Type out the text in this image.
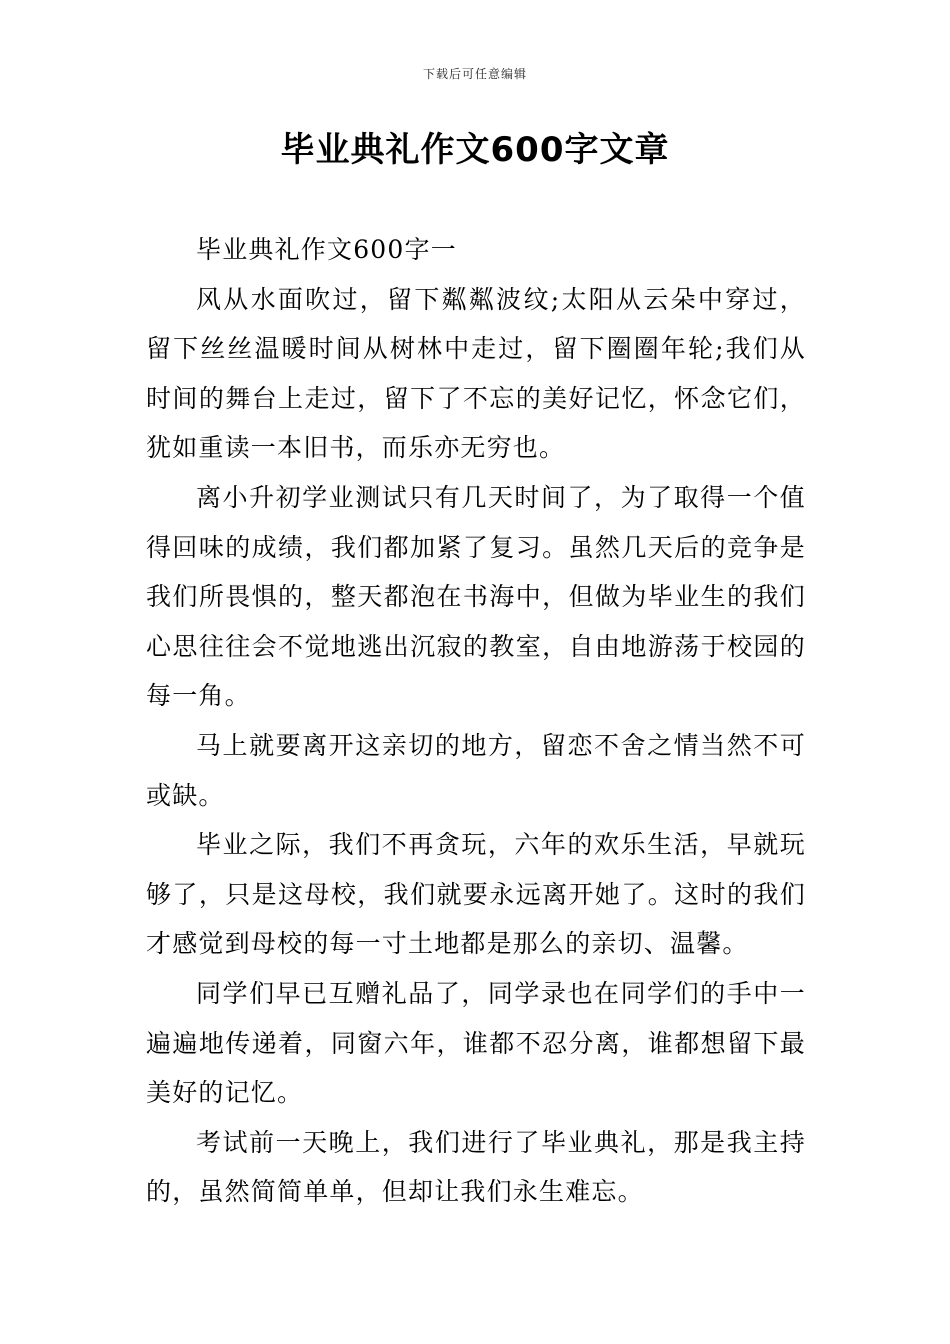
下载后可任意编辑
毕业典礼作文600字文章

毕业典礼作文600字一

风从水面吹过，留下粼粼波纹;太阳从云朵中穿过，留下丝丝温暖时间从树林中走过，留下圈圈年轮;我们从时间的舞台上走过，留下了不忘的美好记忆，怀念它们，犹如重读一本旧书，而乐亦无穷也。

离小升初学业测试只有几天时间了，为了取得一个值得回味的成绩，我们都加紧了复习。虽然几天后的竞争是我们所畏惧的，整天都泡在书海中，但做为毕业生的我们心思往往会不觉地逃出沉寂的教室，自由地游荡于校园的每一角。

马上就要离开这亲切的地方，留恋不舍之情当然不可或缺。

毕业之际，我们不再贪玩，六年的欢乐生活，早就玩够了，只是这母校，我们就要永远离开她了。这时的我们才感觉到母校的每一寸土地都是那么的亲切、温馨。

同学们早已互赠礼品了，同学录也在同学们的手中一遍遍地传递着，同窗六年，谁都不忍分离，谁都想留下最美好的记忆。

考试前一天晚上，我们进行了毕业典礼，那是我主持的，虽然简简单单，但却让我们永生难忘。
